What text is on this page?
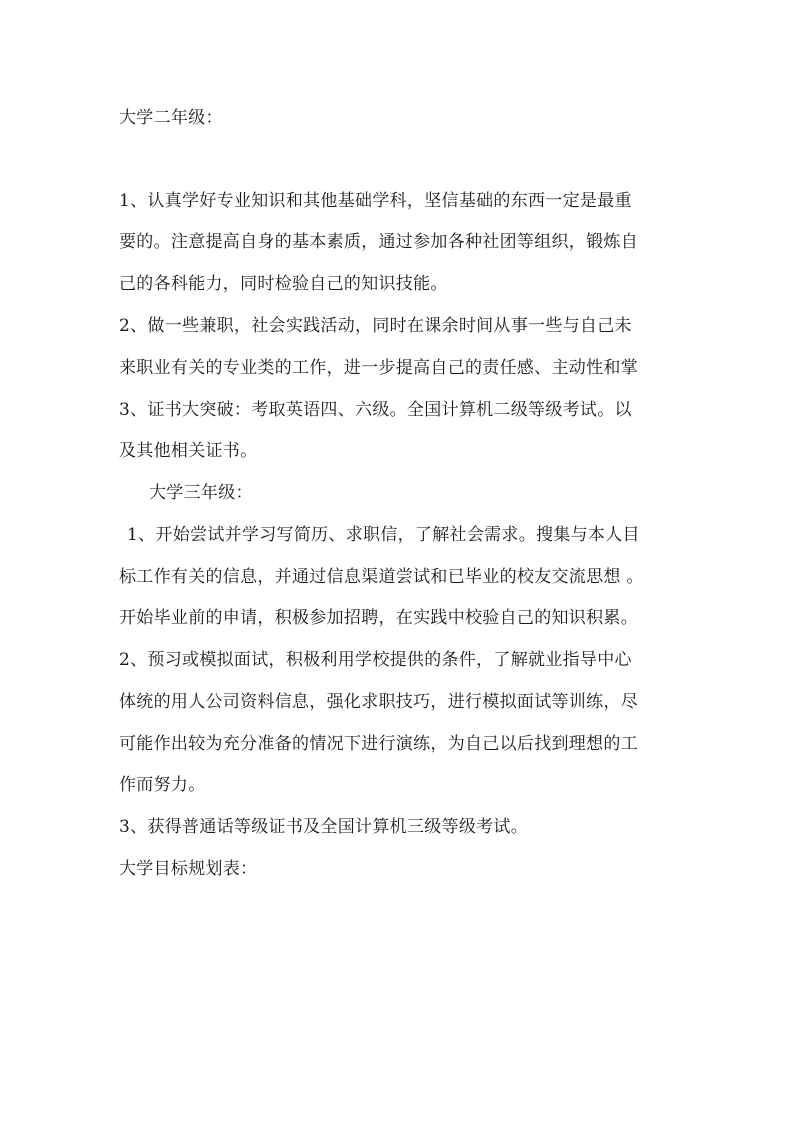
大学二年级：
1、认真学好专业知识和其他基础学科，坚信基础的东西一定是最重
要的。注意提高自身的基本素质，通过参加各种社团等组织，锻炼自
己的各科能力，同时检验自己的知识技能。
2、做一些兼职，社会实践活动，同时在课余时间从事一些与自己未
来职业有关的专业类的工作，进一步提高自己的责任感、主动性和掌
3、证书大突破：考取英语四、六级。全国计算机二级等级考试。以
及其他相关证书。
大学三年级：
1、开始尝试并学习写简历、求职信，了解社会需求。搜集与本人目
标工作有关的信息，并通过信息渠道尝试和已毕业的校友交流思想 。
开始毕业前的申请，积极参加招聘，在实践中校验自己的知识积累。
2、预习或模拟面试，积极利用学校提供的条件，了解就业指导中心
体统的用人公司资料信息，强化求职技巧，进行模拟面试等训练，尽
可能作出较为充分准备的情况下进行演练，为自己以后找到理想的工
作而努力。
3、获得普通话等级证书及全国计算机三级等级考试。
大学目标规划表：
